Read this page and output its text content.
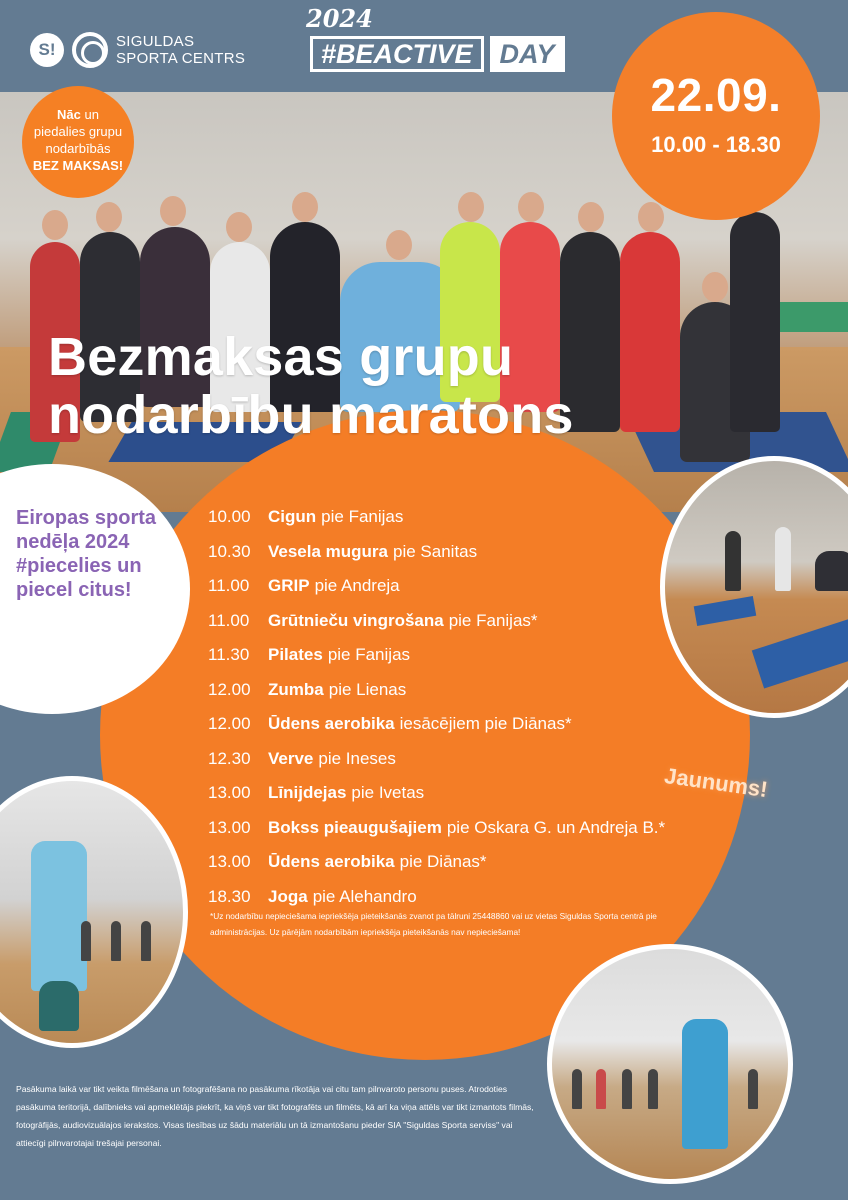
S!	SIGULDAS
SPORTA CENTRS
2024
#BEACTIVE	DAY
Nāc un piedalies grupu nodarbībās BEZ MAKSAS!
22.09.
10.00 - 18.30
Bezmaksas grupu
nodarbību maratons
Eiropas sporta nedēļa 2024 #piecelies un piecel citus!
10.00	Cigun pie Fanijas
10.30	Vesela mugura pie Sanitas
11.00	GRIP pie Andreja
11.00	Grūtnieču vingrošana pie Fanijas*
11.30	Pilates pie Fanijas
12.00	Zumba pie Lienas
12.00	Ūdens aerobika iesācējiem pie Diānas*
12.30	Verve pie Ineses
13.00	Līnijdejas pie Ivetas
13.00	Bokss pieaugušajiem pie Oskara G. un Andreja B.*
13.00	Ūdens aerobika pie Diānas*
18.30	Joga pie Alehandro
*Uz nodarbību nepieciešama iepriekšēja pieteikšanās zvanot pa tālruni 25448860 vai uz vietas Siguldas Sporta centrā pie administrācijas. Uz pārējām nodarbībām iepriekšēja pieteikšanās nav nepieciešama!
Jaunums!
Pasākuma laikā var tikt veikta filmēšana un fotografēšana no pasākuma rīkotāja vai citu tam pilnvaroto personu puses. Atrodoties pasākuma teritorijā, dalībnieks vai apmeklētājs piekrīt, ka viņš var tikt fotografēts un filmēts, kā arī ka viņa attēls var tikt izmantots filmās, fotogrāfijās, audiovizuālajos ierakstos. Visas tiesības uz šādu materiālu un tā izmantošanu pieder SIA "Siguldas Sporta serviss" vai attiecīgi pilnvarotajai trešajai personai.
